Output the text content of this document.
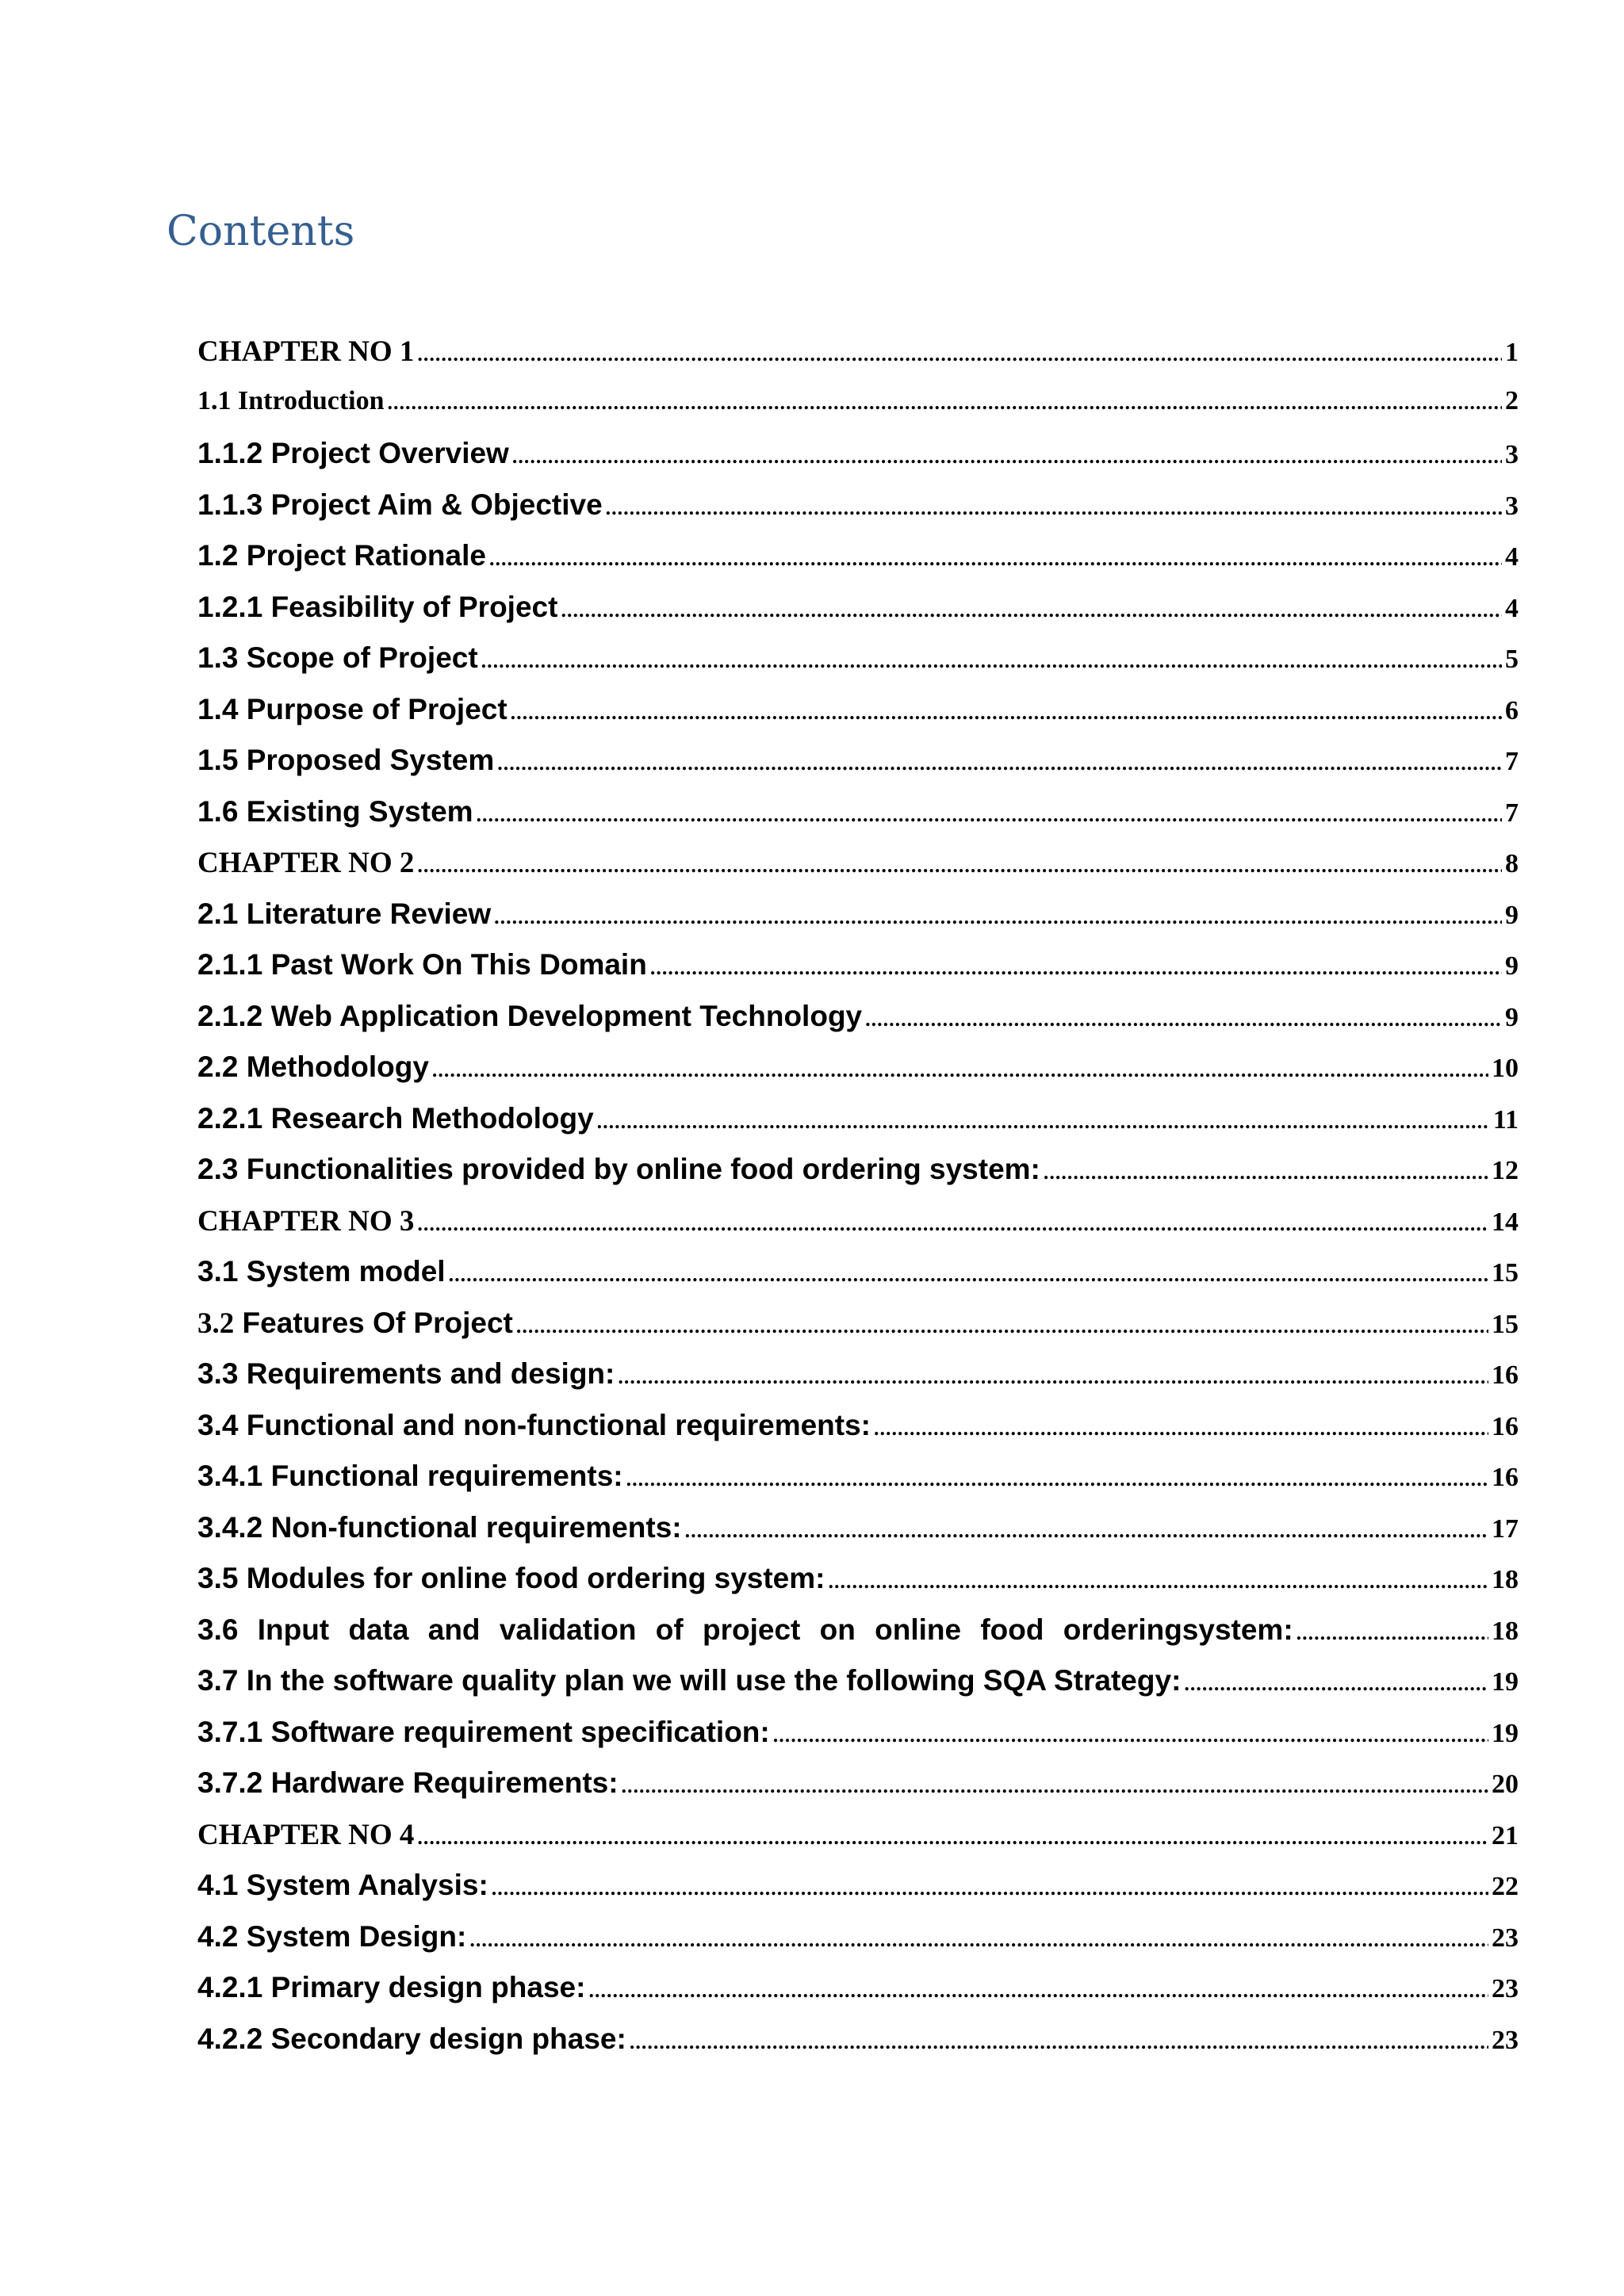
Contents
CHAPTER NO 1 .....	1
1.1 Introduction .....	2
1.1.2 Project Overview .....	3
1.1.3 Project Aim & Objective .....	3
1.2 Project Rationale .....	4
1.2.1 Feasibility of Project .....	4
1.3 Scope of Project .....	5
1.4 Purpose of Project .....	6
1.5 Proposed System .....	7
1.6 Existing System .....	7
CHAPTER NO 2 .....	8
2.1 Literature Review .....	9
2.1.1 Past Work On This Domain .....	9
2.1.2 Web Application Development Technology .....	9
2.2 Methodology .....	10
2.2.1 Research Methodology .....	11
2.3 Functionalities provided by online food ordering system: .....	12
CHAPTER NO 3 .....	14
3.1 System model .....	15
3.2 Features Of Project .....	15
3.3 Requirements and design: .....	16
3.4 Functional and non-functional requirements: .....	16
3.4.1 Functional requirements: .....	16
3.4.2 Non-functional requirements: .....	17
3.5 Modules for online food ordering system: .....	18
3.6 Input data and validation of project on online food orderingsystem: .....	18
3.7 In the software quality plan we will use the following SQA Strategy: .....	19
3.7.1 Software requirement specification: .....	19
3.7.2 Hardware Requirements: .....	20
CHAPTER NO 4 .....	21
4.1 System Analysis: .....	22
4.2 System Design: .....	23
4.2.1 Primary design phase: .....	23
4.2.2 Secondary design phase: .....	23
